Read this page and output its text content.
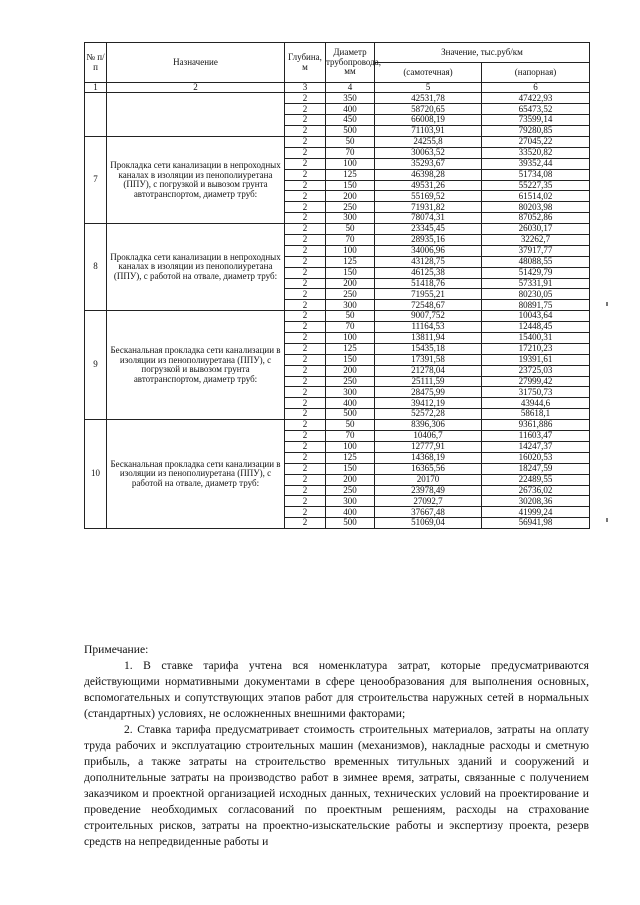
№ п/п	Назначение	Глубина, м	Диаметр трубопровода, мм	Значение, тыс.руб/км	
				(самотечная)	(напорная)
1	2	3	4	5	6
		2	350	42531,78	47422,93
		2	400	58720,65	65473,52
		2	450	66008,19	73599,14
		2	500	71103,91	79280,85
7	Прокладка сети канализации в непроходных каналах в изоляции из пенополиуретана (ППУ), с погрузкой и вывозом грунта автотранспортом, диаметр труб:	2	50	24255,8	27045,22
		2	70	30063,52	33520,82
		2	100	35293,67	39352,44
		2	125	46398,28	51734,08
		2	150	49531,26	55227,35
		2	200	55169,52	61514,02
		2	250	71931,82	80203,98
		2	300	78074,31	87052,86
8	Прокладка сети канализации в непроходных каналах в изоляции из пенополиуретана (ППУ), с работой на отвале, диаметр труб:	2	50	23345,45	26030,17
		2	70	28935,16	32262,7
		2	100	34006,96	37917,77
		2	125	43128,75	48088,55
		2	150	46125,38	51429,79
		2	200	51418,76	57331,91
		2	250	71955,21	80230,05
		2	300	72548,67	80891,75
9	Бесканальная прокладка сети канализации в изоляции из пенополиуретана (ППУ), с погрузкой и вывозом грунта автотранспортом, диаметр труб:	2	50	9007,752	10043,64
		2	70	11164,53	12448,45
		2	100	13811,94	15400,31
		2	125	15435,18	17210,23
		2	150	17391,58	19391,61
		2	200	21278,04	23725,03
		2	250	25111,59	27999,42
		2	300	28475,99	31750,73
		2	400	39412,19	43944,6
		2	500	52572,28	58618,1
10	Бесканальная прокладка сети канализации в изоляции из пенополиуретана (ППУ), с работой на отвале, диаметр труб:	2	50	8396,306	9361,886
		2	70	10406,7	11603,47
		2	100	12777,91	14247,37
		2	125	14368,19	16020,53
		2	150	16365,56	18247,59
		2	200	20170	22489,55
		2	250	23978,49	26736,02
		2	300	27092,7	30208,36
		2	400	37667,48	41999,24
		2	500	51069,04	56941,98

Примечание:

1. В ставке тарифа учтена вся номенклатура затрат, которые предусматриваются действующими нормативными документами в сфере ценообразования для выполнения основных, вспомогательных и сопутствующих этапов работ для строительства наружных сетей в нормальных (стандартных) условиях, не осложненных внешними факторами;

2. Ставка тарифа предусматривает стоимость строительных материалов, затраты на оплату труда рабочих и эксплуатацию строительных машин (механизмов), накладные расходы и сметную прибыль, а также затраты на строительство временных титульных зданий и сооружений и дополнительные затраты на производство работ в зимнее время, затраты, связанные с получением заказчиком и проектной организацией исходных данных, технических условий на проектирование и проведение необходимых согласований по проектным решениям, расходы на страхование строительных рисков, затраты на проектно-изыскательские работы и экспертизу проекта, резерв средств на непредвиденные работы и
